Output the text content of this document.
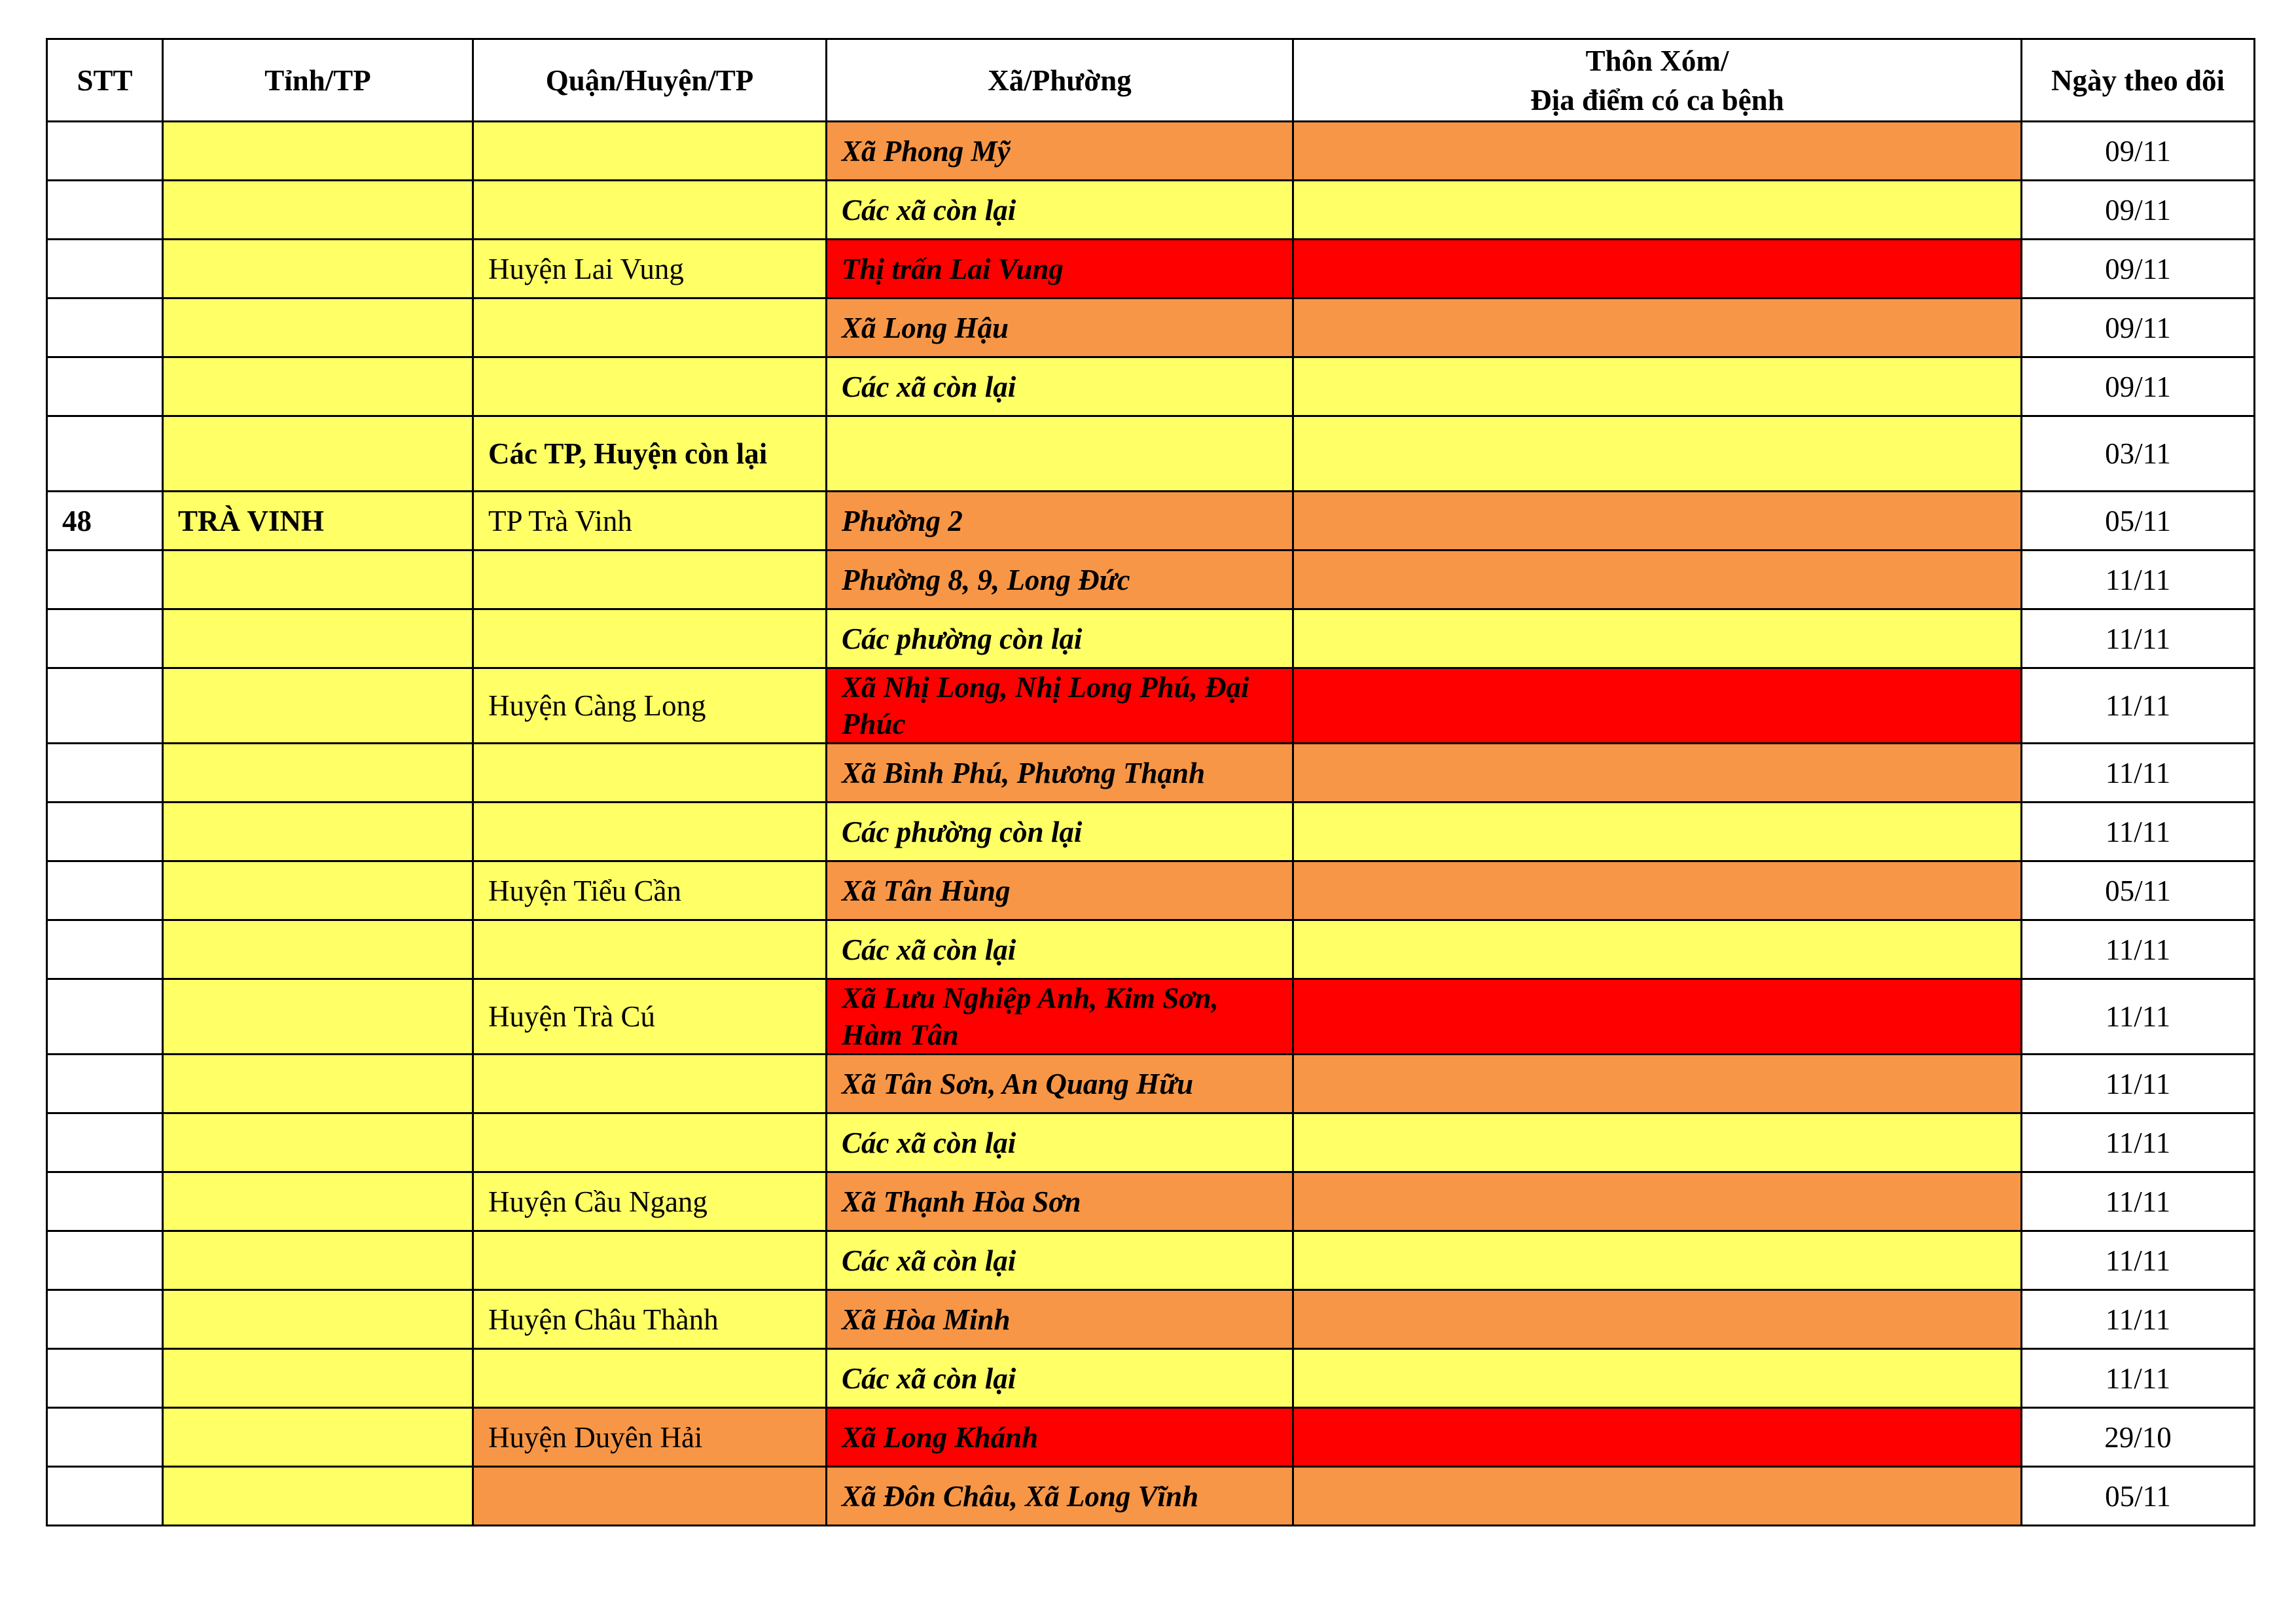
STT	Tỉnh/TP	Quận/Huyện/TP	Xã/Phường	Thôn Xóm/
Địa điểm có ca bệnh	Ngày theo dõi
			Xã Phong Mỹ		09/11
			Các xã còn lại		09/11
		Huyện Lai Vung	Thị trấn Lai Vung		09/11
			Xã Long Hậu		09/11
			Các xã còn lại		09/11
		Các TP, Huyện còn lại			03/11
48	TRÀ VINH	TP Trà Vinh	Phường 2		05/11
			Phường 8, 9, Long Đức		11/11
			Các phường còn lại		11/11
		Huyện Càng Long	Xã Nhị Long, Nhị Long Phú, Đại Phúc		11/11
			Xã Bình Phú, Phương Thạnh		11/11
			Các phường còn lại		11/11
		Huyện Tiểu Cần	Xã Tân Hùng		05/11
			Các xã còn lại		11/11
		Huyện Trà Cú	Xã Lưu Nghiệp Anh, Kim Sơn, Hàm Tân		11/11
			Xã Tân Sơn, An Quang Hữu		11/11
			Các xã còn lại		11/11
		Huyện Cầu Ngang	Xã Thạnh Hòa Sơn		11/11
			Các xã còn lại		11/11
		Huyện Châu Thành	Xã Hòa Minh		11/11
			Các xã còn lại		11/11
		Huyện Duyên Hải	Xã Long Khánh		29/10
			Xã Đôn Châu, Xã Long Vĩnh		05/11
